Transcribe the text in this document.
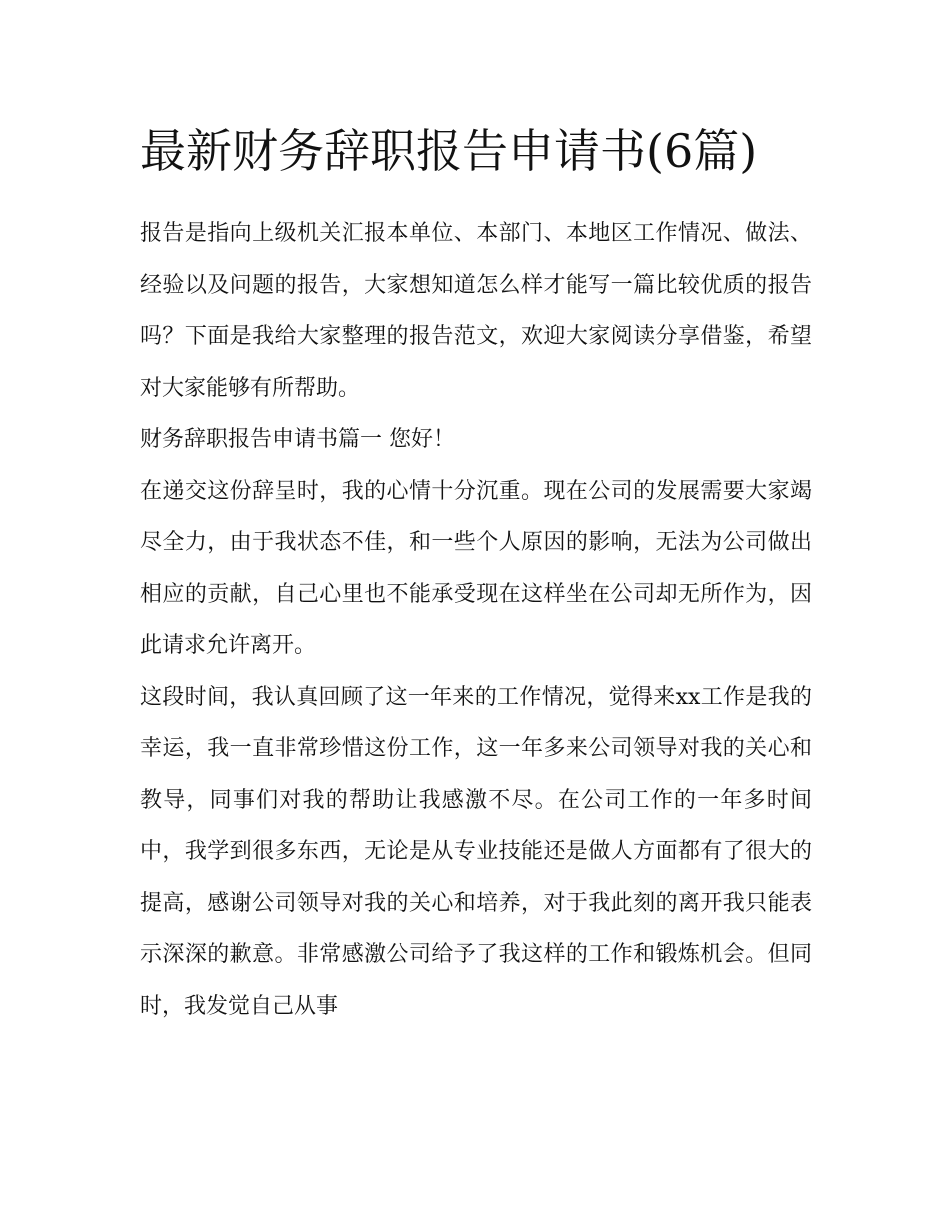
最新财务辞职报告申请书(6篇)

报告是指向上级机关汇报本单位、本部门、本地区工作情况、做法、经验以及问题的报告，大家想知道怎么样才能写一篇比较优质的报告吗？下面是我给大家整理的报告范文，欢迎大家阅读分享借鉴，希望对大家能够有所帮助。

财务辞职报告申请书篇一 您好！

在递交这份辞呈时，我的心情十分沉重。现在公司的发展需要大家竭尽全力，由于我状态不佳，和一些个人原因的影响，无法为公司做出相应的贡献，自己心里也不能承受现在这样坐在公司却无所作为，因此请求允许离开。

这段时间，我认真回顾了这一年来的工作情况，觉得来xx工作是我的幸运，我一直非常珍惜这份工作，这一年多来公司领导对我的关心和教导，同事们对我的帮助让我感激不尽。在公司工作的一年多时间中，我学到很多东西，无论是从专业技能还是做人方面都有了很大的提高，感谢公司领导对我的关心和培养，对于我此刻的离开我只能表示深深的歉意。非常感激公司给予了我这样的工作和锻炼机会。但同时，我发觉自己从事
